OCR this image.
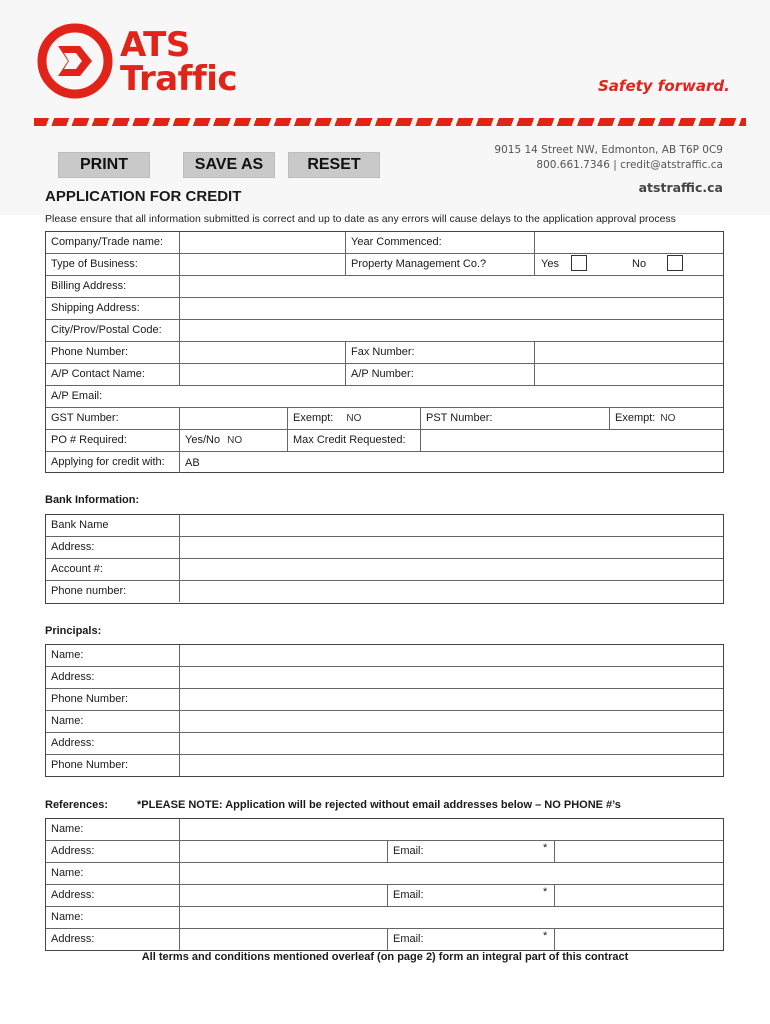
ATS
Traffic	Safety forward.
PRINT	SAVE AS	RESET
9015 14 Street NW, Edmonton, AB T6P 0C9
800.661.7346 | credit@atstraffic.ca
atstraffic.ca
APPLICATION FOR CREDIT
Please ensure that all information submitted is correct and up to date as any errors will cause delays to the application approval process
Company/Trade name:	Year Commenced:
Type of Business:	Property Management Co.?	Yes	No
Billing Address:
Shipping Address:
City/Prov/Postal Code:
Phone Number:	Fax Number:
A/P Contact Name:	A/P Number:
A/P Email:
GST Number:	Exempt: NO	PST Number:	Exempt: NO
PO # Required:	Yes/No NO	Max Credit Requested:
Applying for credit with:	AB
Bank Information:
Bank Name
Address:
Account #:
Phone number:
Principals:
Name:
Address:
Phone Number:
Name:
Address:
Phone Number:
References:	*PLEASE NOTE: Application will be rejected without email addresses below – NO PHONE #’s
Name:
Address:	Email:	*
Name:
Address:	Email:	*
Name:
Address:	Email:	*
All terms and conditions mentioned overleaf (on page 2) form an integral part of this contract
